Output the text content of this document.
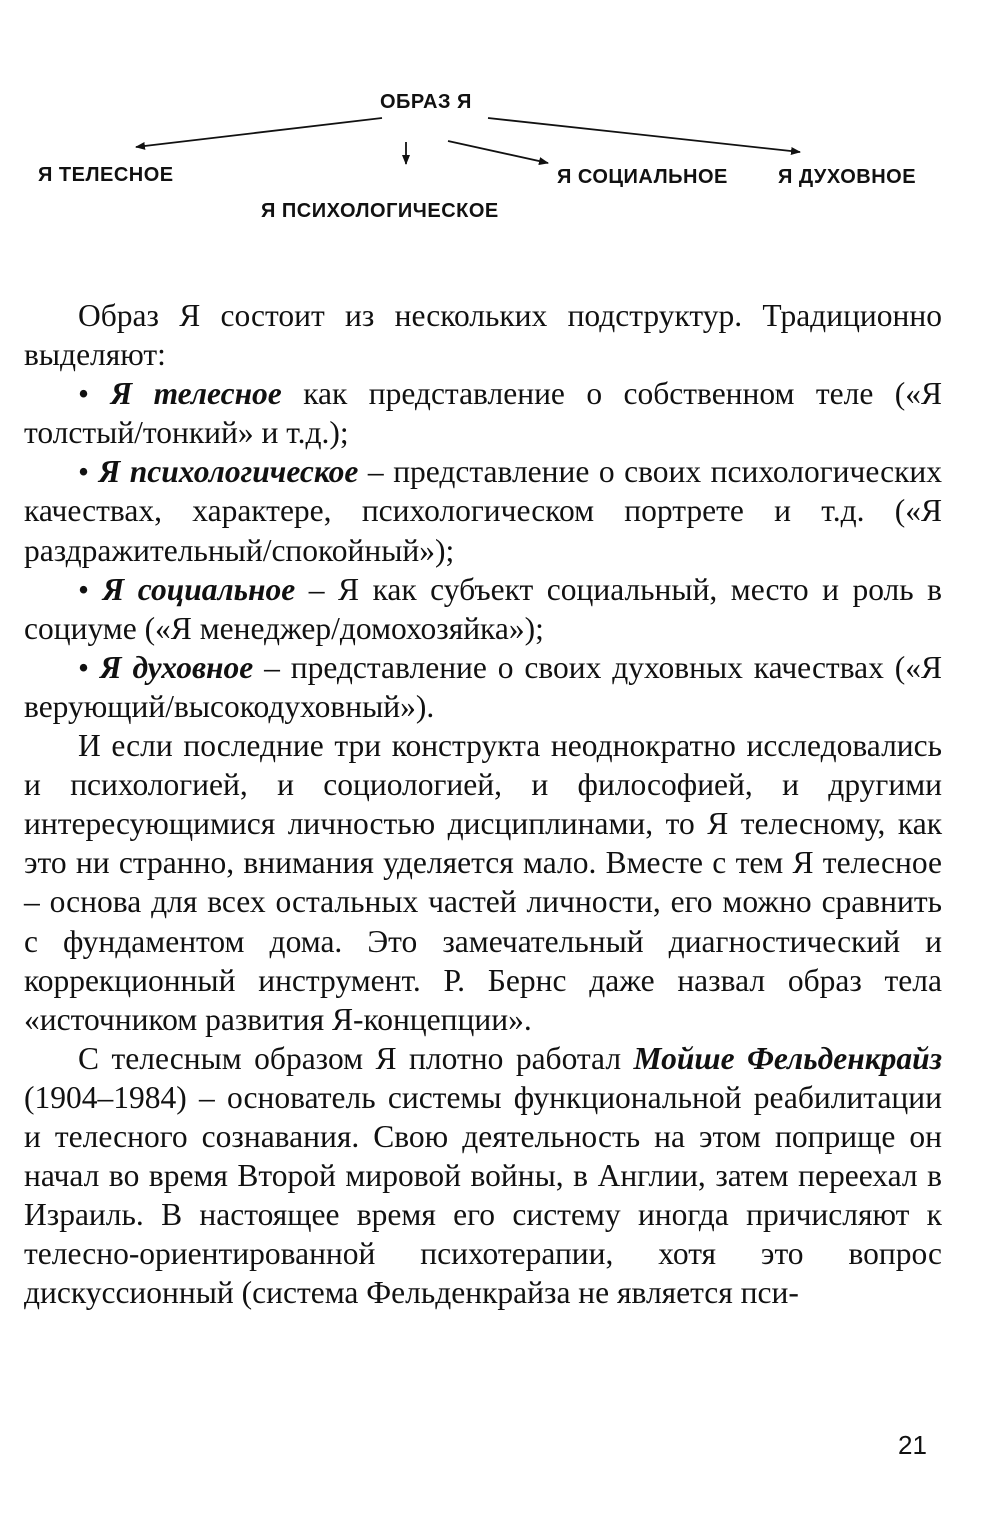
ОБРАЗ Я
Я ТЕЛЕСНОЕ
Я ПСИХОЛОГИЧЕСКОЕ
Я СОЦИАЛЬНОЕ	Я ДУХОВНОЕ

Образ Я состоит из нескольких подструктур. Традиционно выделяют:

• Я телесное как представление о собственном теле («Я толстый/тонкий» и т.д.);

• Я психологическое – представление о своих психологических качествах, характере, психологическом портрете и т.д. («Я раздражительный/спокойный»);

• Я социальное – Я как субъект социальный, место и роль в социуме («Я менеджер/домохозяйка»);

• Я духовное – представление о своих духовных качествах («Я верующий/высокодуховный»).

И если последние три конструкта неоднократно исследовались и психологией, и социологией, и философией, и другими интересующимися личностью дисциплинами, то Я телесному, как это ни странно, внимания уделяется мало. Вместе с тем Я телесное – основа для всех остальных частей личности, его можно сравнить с фундаментом дома. Это замечательный диагностический и коррекционный инструмент. Р. Бернс даже назвал образ тела «источником развития Я-концепции».

С телесным образом Я плотно работал Мойше Фельденкрайз (1904–1984) – основатель системы функциональной реабилитации и телесного сознавания. Свою деятельность на этом поприще он начал во время Второй мировой войны, в Англии, затем переехал в Израиль. В настоящее время его систему иногда причисляют к телесно-ориентированной психотерапии, хотя это вопрос дискуссионный (система Фельденкрайза не является пси-

21
